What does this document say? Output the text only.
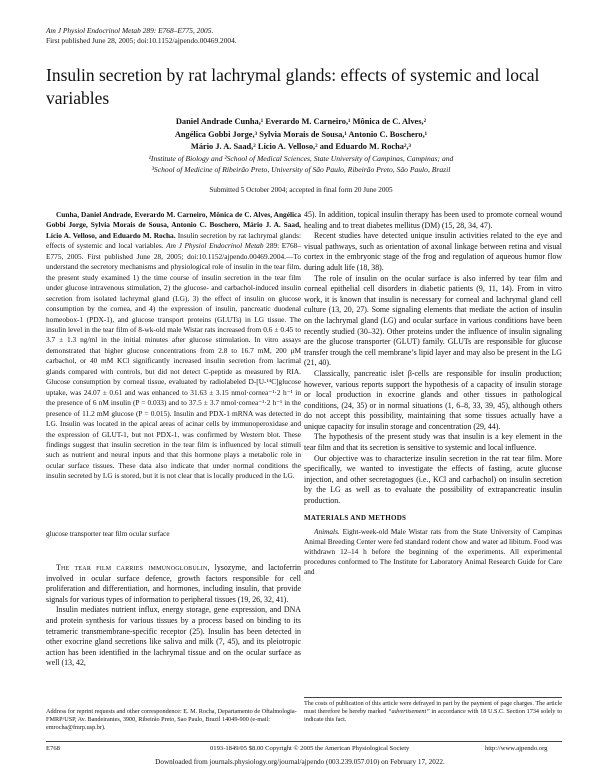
Am J Physiol Endocrinol Metab 289: E768–E775, 2005.
First published June 28, 2005; doi:10.1152/ajpendo.00469.2004.
Insulin secretion by rat lachrymal glands: effects of systemic and local variables
Daniel Andrade Cunha,¹ Everardo M. Carneiro,¹ Mônica de C. Alves,²
Angélica Gobbi Jorge,³ Sylvia Morais de Sousa,¹ Antonio C. Boschero,¹
Mário J. A. Saad,² Lício A. Velloso,² and Eduardo M. Rocha²,³
¹Institute of Biology and ²School of Medical Sciences, State University of Campinas, Campinas; and
³School of Medicine of Ribeirão Preto, University of São Paulo, Ribeirão Preto, São Paulo, Brazil
Submitted 5 October 2004; accepted in final form 20 June 2005

Cunha, Daniel Andrade, Everardo M. Carneiro, Mônica de C. Alves, Angélica Gobbi Jorge, Sylvia Morais de Sousa, Antonio C. Boschero, Mário J. A. Saad, Lício A. Velloso, and Eduardo M. Rocha. Insulin secretion by rat lachrymal glands: effects of systemic and local variables. Am J Physiol Endocrinol Metab 289: E768–E775, 2005. First published June 28, 2005; doi:10.1152/ajpendo.00469.2004.—To understand the secretory mechanisms and physiological role of insulin in the tear film, the present study examined 1) the time course of insulin secretion in the tear film under glucose intravenous stimulation, 2) the glucose- and carbachol-induced insulin secretion from isolated lachrymal gland (LG), 3) the effect of insulin on glucose consumption by the cornea, and 4) the expression of insulin, pancreatic duodenal homeobox-1 (PDX-1), and glucose transport proteins (GLUTs) in LG tissue. The insulin level in the tear film of 8-wk-old male Wistar rats increased from 0.6 ± 0.45 to 3.7 ± 1.3 ng/ml in the initial minutes after glucose stimulation. In vitro assays demonstrated that higher glucose concentrations from 2.8 to 16.7 mM, 200 μM carbachol, or 40 mM KCl significantly increased insulin secretion from lacrimal glands compared with controls, but did not detect C-peptide as measured by RIA. Glucose consumption by corneal tissue, evaluated by radiolabeled D-[U-¹⁴C]glucose uptake, was 24.07 ± 0.61 and was enhanced to 31.63 ± 3.15 nmol·cornea⁻¹·2 h⁻¹ in the presence of 6 nM insulin (P = 0.033) and to 37.5 ± 3.7 nmol·cornea⁻¹·2 h⁻¹ in the presence of 11.2 mM glucose (P = 0.015). Insulin and PDX-1 mRNA was detected in LG. Insulin was located in the apical areas of acinar cells by immunoperoxidase and the expression of GLUT-1, but not PDX-1, was confirmed by Western blot. These findings suggest that insulin secretion in the tear film is influenced by local stimuli such as nutrient and neural inputs and that this hormone plays a metabolic role in ocular surface tissues. These data also indicate that under normal conditions the insulin secreted by LG is stored, but it is not clear that is locally produced in the LG.

glucose transporter tear film ocular surface

The tear film carries immunoglobulin, lysozyme, and lactoferrin involved in ocular surface defence, growth factors responsible for cell proliferation and differentiation, and hormones, including insulin, that provide signals for various types of information to peripheral tissues (19, 26, 32, 41).

Insulin mediates nutrient influx, energy storage, gene expression, and DNA and protein synthesis for various tissues by a process based on binding to its tetrameric transmembrane-specific receptor (25). Insulin has been detected in other exocrine gland secretions like saliva and milk (7, 45), and its pleiotropic action has been identified in the lachrymal tissue and on the ocular surface as well (13, 42,

45). In addition, topical insulin therapy has been used to promote corneal wound healing and to treat diabetes mellitus (DM) (15, 28, 34, 47).

Recent studies have detected unique insulin activities related to the eye and visual pathways, such as orientation of axonal linkage between retina and visual cortex in the embryonic stage of the frog and regulation of aqueous humor flow during adult life (18, 38).

The role of insulin on the ocular surface is also inferred by tear film and corneal epithelial cell disorders in diabetic patients (9, 11, 14). From in vitro work, it is known that insulin is necessary for corneal and lachrymal gland cell culture (13, 20, 27). Some signaling elements that mediate the action of insulin on the lachrymal gland (LG) and ocular surface in various conditions have been recently studied (30–32). Other proteins under the influence of insulin signaling are the glucose transporter (GLUT) family. GLUTs are responsible for glucose transfer trough the cell membrane’s lipid layer and may also be present in the LG (21, 40).

Classically, pancreatic islet β-cells are responsible for insulin production; however, various reports support the hypothesis of a capacity of insulin storage or local production in exocrine glands and other tissues in pathological conditions, (24, 35) or in normal situations (1, 6–8, 33, 39, 45), although others do not accept this possibility, maintaining that some tissues actually have a unique capacity for insulin storage and concentration (29, 44).

The hypothesis of the present study was that insulin is a key element in the tear film and that its secretion is sensitive to systemic and local influence.

Our objective was to characterize insulin secretion in the rat tear film. More specifically, we wanted to investigate the effects of fasting, acute glucose injection, and other secretagogues (i.e., KCl and carbachol) on insulin secretion by the LG as well as to evaluate the possibility of extrapancreatic insulin production.

MATERIALS AND METHODS

Animals. Eight-week-old Male Wistar rats from the State University of Campinas Animal Breeding Center were fed standard rodent chow and water ad libitum. Food was withdrawn 12–14 h before the beginning of the experiments. All experimental procedures conformed to The Institute for Laboratory Animal Research Guide for Care and

Address for reprint requests and other correspondence: E. M. Rocha, Departamento de Oftalmologia-FMRP/USP, Av. Bandeirantes, 3900, Ribeirão Preto, Sao Paulo, Brazil 14049-900 (e-mail: emrocha@fmrp.usp.br).
The costs of publication of this article were defrayed in part by the payment of page charges. The article must therefore be hereby marked “advertisement” in accordance with 18 U.S.C. Section 1734 solely to indicate this fact.
E768	0193-1849/05 $8.00 Copyright © 2005 the American Physiological Society	http://www.ajpendo.org
Downloaded from journals.physiology.org/journal/ajpendo (003.239.057.010) on February 17, 2022.
